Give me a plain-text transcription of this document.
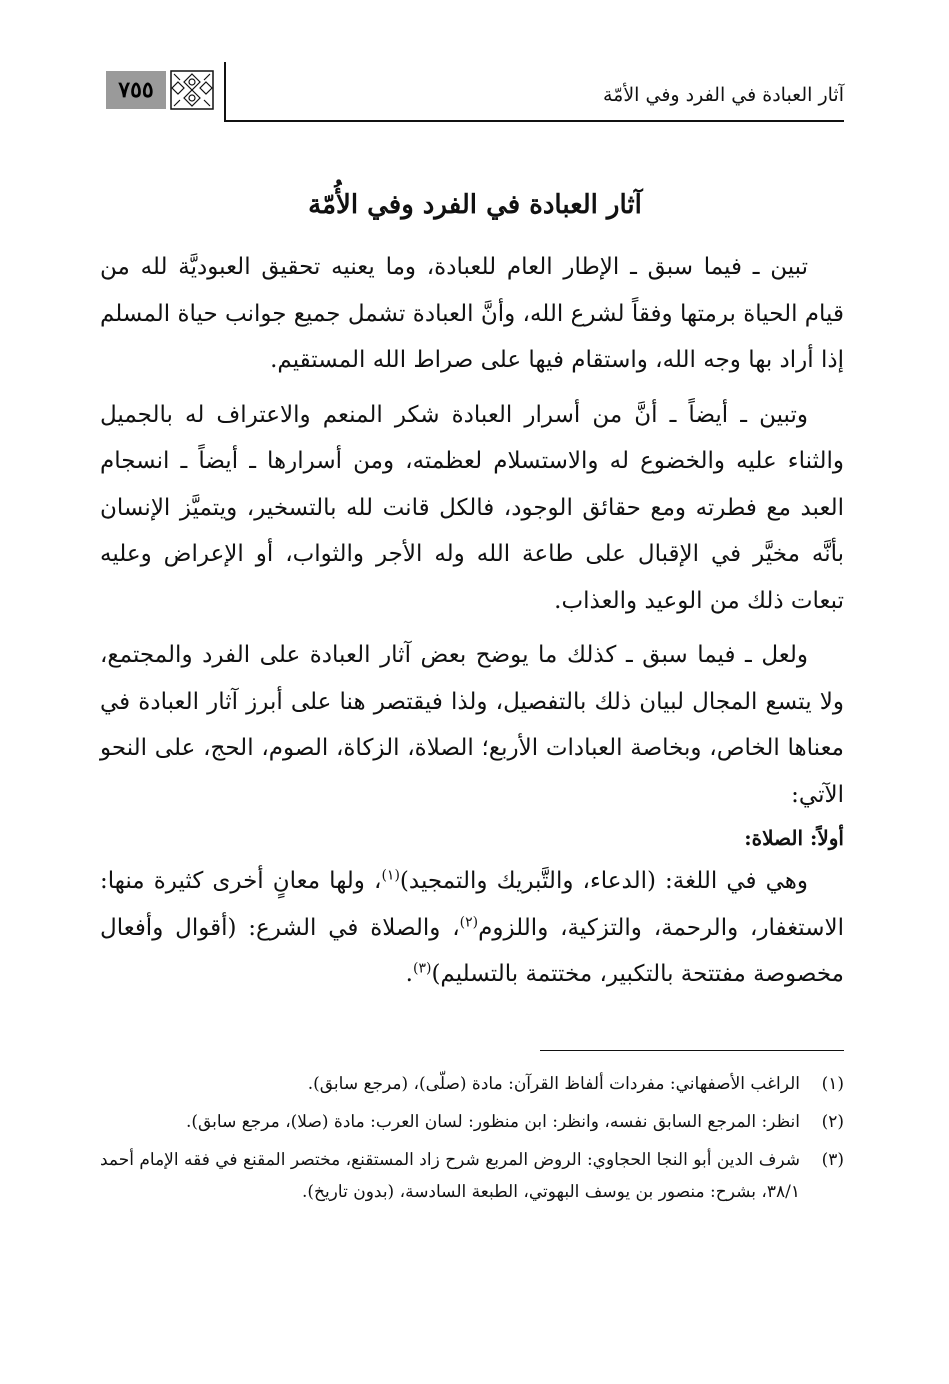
٧٥٥	آثار العبادة في الفرد وفي الأمّة
آثار العبادة في الفرد وفي الأُمّة

تبين ـ فيما سبق ـ الإطار العام للعبادة، وما يعنيه تحقيق العبوديَّة لله من قيام الحياة برمتها وفقاً لشرع الله، وأنَّ العبادة تشمل جميع جوانب حياة المسلم إذا أراد بها وجه الله، واستقام فيها على صراط الله المستقيم.

وتبين ـ أيضاً ـ أنَّ من أسرار العبادة شكر المنعم والاعتراف له بالجميل والثناء عليه والخضوع له والاستسلام لعظمته، ومن أسرارها ـ أيضاً ـ انسجام العبد مع فطرته ومع حقائق الوجود، فالكل قانت لله بالتسخير، ويتميَّز الإنسان بأنَّه مخيَّر في الإقبال على طاعة الله وله الأجر والثواب، أو الإعراض وعليه تبعات ذلك من الوعيد والعذاب.

ولعل ـ فيما سبق ـ كذلك ما يوضح بعض آثار العبادة على الفرد والمجتمع، ولا يتسع المجال لبيان ذلك بالتفصيل، ولذا فيقتصر هنا على أبرز آثار العبادة في معناها الخاص، وبخاصة العبادات الأربع؛ الصلاة، الزكاة، الصوم، الحج، على النحو الآتي:

أولاً: الصلاة:

وهي في اللغة: (الدعاء، والتَّبريك والتمجيد)$^{(١)}$، ولها معانٍ أخرى كثيرة منها: الاستغفار، والرحمة، والتزكية، واللزوم$^{(٢)}$، والصلاة في الشرع: (أقوال وأفعال مخصوصة مفتتحة بالتكبير، مختتمة بالتسليم)$^{(٣)}$.

(١)
الراغب الأصفهاني: مفردات ألفاظ القرآن: مادة (صلّى)، (مرجع سابق).
(٢)
انظر: المرجع السابق نفسه، وانظر: ابن منظور: لسان العرب: مادة (صلا)، مرجع سابق).
(٣)
شرف الدين أبو النجا الحجاوي: الروض المربع شرح زاد المستقنع، مختصر المقنع في فقه الإمام أحمد ٣٨/١، بشرح: منصور بن يوسف البهوتي، الطبعة السادسة، (بدون تاريخ).
